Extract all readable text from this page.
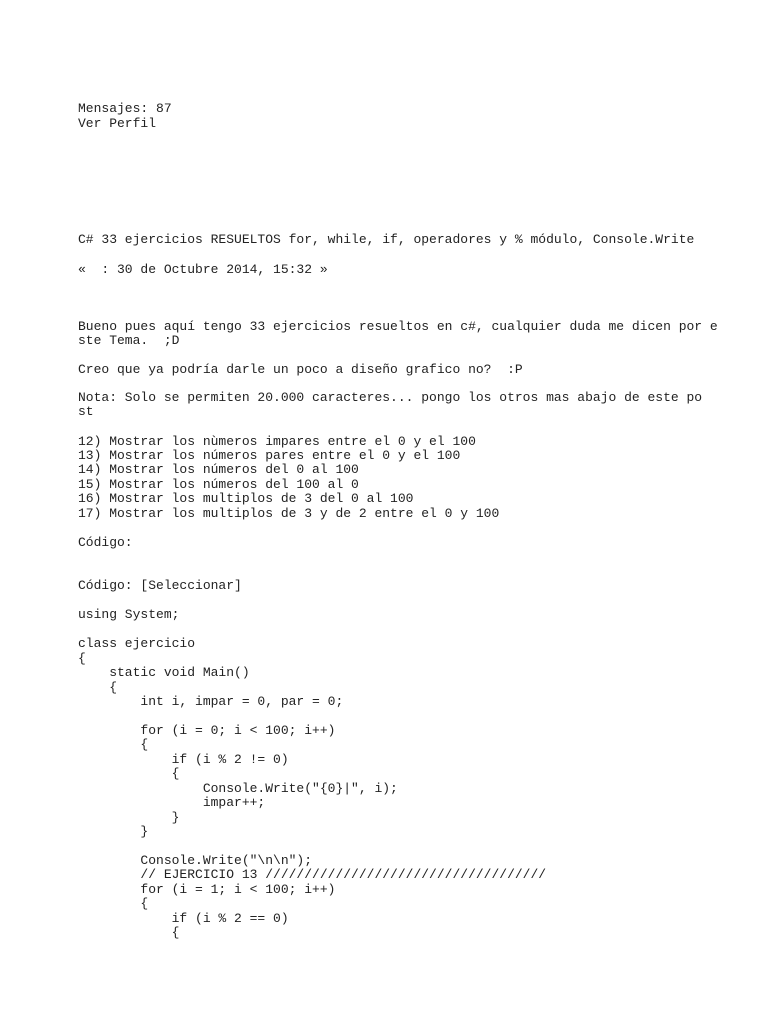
Mensajes: 87
Ver Perfil
C# 33 ejercicios RESUELTOS for, while, if, operadores y % módulo, Console.Write
«  : 30 de Octubre 2014, 15:32 »
Bueno pues aquí tengo 33 ejercicios resueltos en c#, cualquier duda me dicen por e
ste Tema.  ;D
Creo que ya podría darle un poco a diseño grafico no?  :P
Nota: Solo se permiten 20.000 caracteres... pongo los otros mas abajo de este po
st
12) Mostrar los nùmeros impares entre el 0 y el 100
13) Mostrar los números pares entre el 0 y el 100
14) Mostrar los números del 0 al 100
15) Mostrar los números del 100 al 0
16) Mostrar los multiplos de 3 del 0 al 100
17) Mostrar los multiplos de 3 y de 2 entre el 0 y 100
Código:
Código: [Seleccionar]
using System;
class ejercicio
{
static void Main()
{
int i, impar = 0, par = 0;
for (i = 0; i < 100; i++)
{
if (i % 2 != 0)
{
Console.Write("{0}|", i);
impar++;
}
}
Console.Write("\n\n");
// EJERCICIO 13 ////////////////////////////////////
for (i = 1; i < 100; i++)
{
if (i % 2 == 0)
{
